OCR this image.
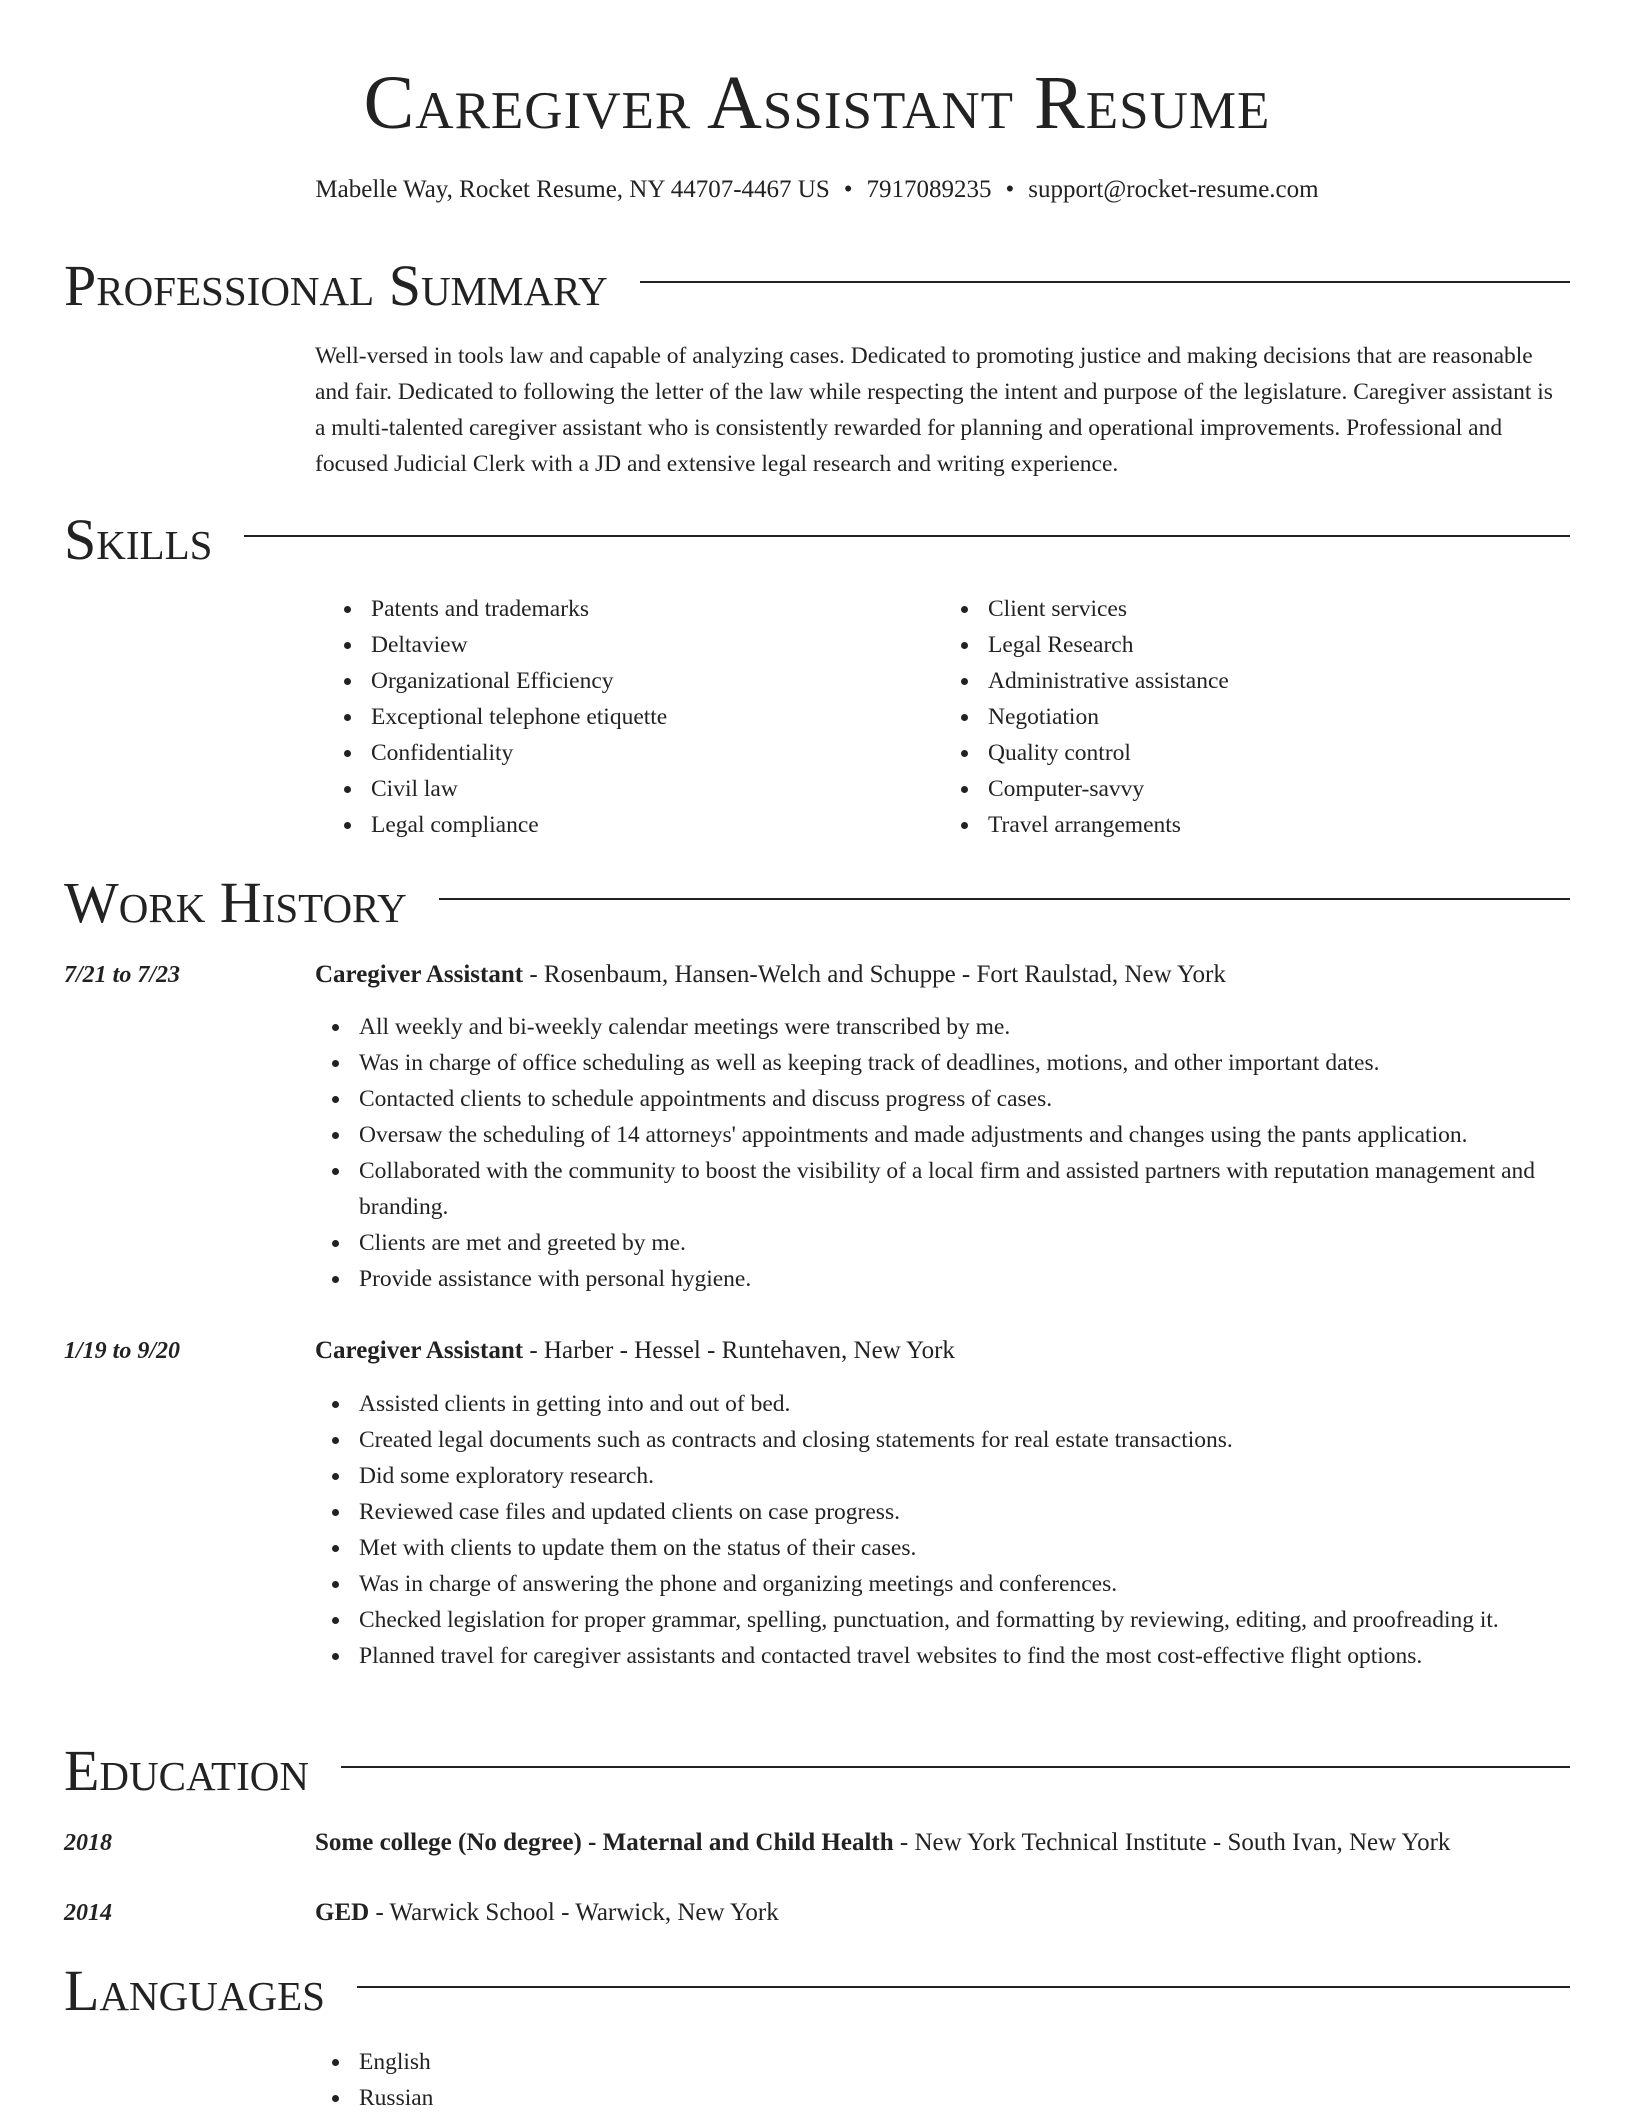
Caregiver Assistant Resume
Mabelle Way, Rocket Resume, NY 44707-4467 US • 7917089235 • support@rocket-resume.com
Professional Summary
Well-versed in tools law and capable of analyzing cases. Dedicated to promoting justice and making decisions that are reasonable and fair. Dedicated to following the letter of the law while respecting the intent and purpose of the legislature. Caregiver assistant is a multi-talented caregiver assistant who is consistently rewarded for planning and operational improvements. Professional and focused Judicial Clerk with a JD and extensive legal research and writing experience.
Skills
Patents and trademarks
Deltaview
Organizational Efficiency
Exceptional telephone etiquette
Confidentiality
Civil law
Legal compliance
Client services
Legal Research
Administrative assistance
Negotiation
Quality control
Computer-savvy
Travel arrangements
Work History
7/21 to 7/23	Caregiver Assistant - Rosenbaum, Hansen-Welch and Schuppe - Fort Raulstad, New York
All weekly and bi-weekly calendar meetings were transcribed by me.
Was in charge of office scheduling as well as keeping track of deadlines, motions, and other important dates.
Contacted clients to schedule appointments and discuss progress of cases.
Oversaw the scheduling of 14 attorneys' appointments and made adjustments and changes using the pants application.
Collaborated with the community to boost the visibility of a local firm and assisted partners with reputation management and branding.
Clients are met and greeted by me.
Provide assistance with personal hygiene.
1/19 to 9/20	Caregiver Assistant - Harber - Hessel - Runtehaven, New York
Assisted clients in getting into and out of bed.
Created legal documents such as contracts and closing statements for real estate transactions.
Did some exploratory research.
Reviewed case files and updated clients on case progress.
Met with clients to update them on the status of their cases.
Was in charge of answering the phone and organizing meetings and conferences.
Checked legislation for proper grammar, spelling, punctuation, and formatting by reviewing, editing, and proofreading it.
Planned travel for caregiver assistants and contacted travel websites to find the most cost-effective flight options.
Education
2018	Some college (No degree) - Maternal and Child Health - New York Technical Institute - South Ivan, New York
2014	GED - Warwick School - Warwick, New York
Languages
English
Russian
